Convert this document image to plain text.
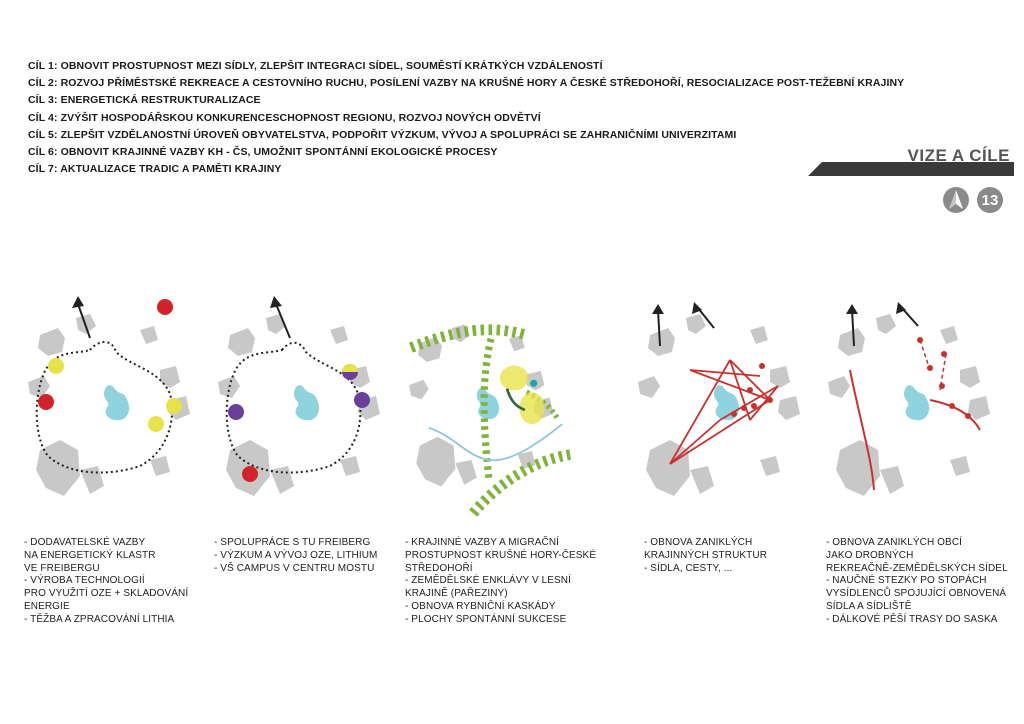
CÍL 1: OBNOVIT PROSTUPNOST MEZI SÍDLY, ZLEPŠIT INTEGRACI SÍDEL, SOUMĚSTÍ KRÁTKÝCH VZDÁLENOSTÍ
CÍL 2: ROZVOJ PŘÍMĚSTSKÉ REKREACE A CESTOVNÍHO RUCHU, POSÍLENÍ VAZBY NA KRUŠNÉ HORY A ČESKÉ STŘEDOHOŘÍ, RESOCIALIZACE POST-TEŽEBNÍ KRAJINY
CÍL 3: ENERGETICKÁ RESTRUKTURALIZACE
CÍL 4: ZVÝŠIT HOSPODÁŘSKOU KONKURENCESCHOPNOST REGIONU, ROZVOJ NOVÝCH ODVĚTVÍ
CÍL 5: ZLEPŠIT VZDĚLANOSTNÍ ÚROVEŇ OBYVATELSTVA, PODPOŘIT VÝZKUM, VÝVOJ A SPOLUPRÁCI SE ZAHRANIČNÍMI UNIVERZITAMI
CÍL 6: OBNOVIT KRAJINNÉ VAZBY KH - ČS, UMOŽNIT SPONTÁNNÍ EKOLOGICKÉ PROCESY
CÍL 7: AKTUALIZACE TRADIC A PAMĚTI KRAJINY
VIZE A CÍLE
13
- DODAVATELSKÉ VAZBY
NA ENERGETICKÝ KLASTR
VE FREIBERGU
- VÝROBA TECHNOLOGIÍ
PRO VYUŽITÍ OZE + SKLADOVÁNÍ
ENERGIE
- TĚŽBA A ZPRACOVÁNÍ LITHIA
- SPOLUPRÁCE S TU FREIBERG
- VÝZKUM A VÝVOJ OZE, LITHIUM
- VŠ CAMPUS V CENTRU MOSTU
- KRAJINNÉ VAZBY A MIGRAČNÍ
PROSTUPNOST KRUŠNÉ HORY-ČESKÉ
STŘEDOHOŘÍ
- ZEMĚDĚLSKÉ ENKLÁVY V LESNÍ
KRAJINĚ (PAŘEZINY)
- OBNOVA RYBNIČNÍ KASKÁDY
- PLOCHY SPONTÁNNÍ SUKCESE
- OBNOVA ZANIKLÝCH
KRAJINNÝCH STRUKTUR
- SÍDLA, CESTY, ...
- OBNOVA ZANIKLÝCH OBCÍ
JAKO DROBNÝCH
REKREAČNĚ-ZEMĚDĚLSKÝCH SÍDEL
- NAUČNÉ STEZKY PO STOPÁCH
VYSÍDLENCŮ SPOJUJÍCÍ OBNOVENÁ
SÍDLA A SÍDLIŠTĚ
- DÁLKOVÉ PĚŠÍ TRASY DO SASKA
